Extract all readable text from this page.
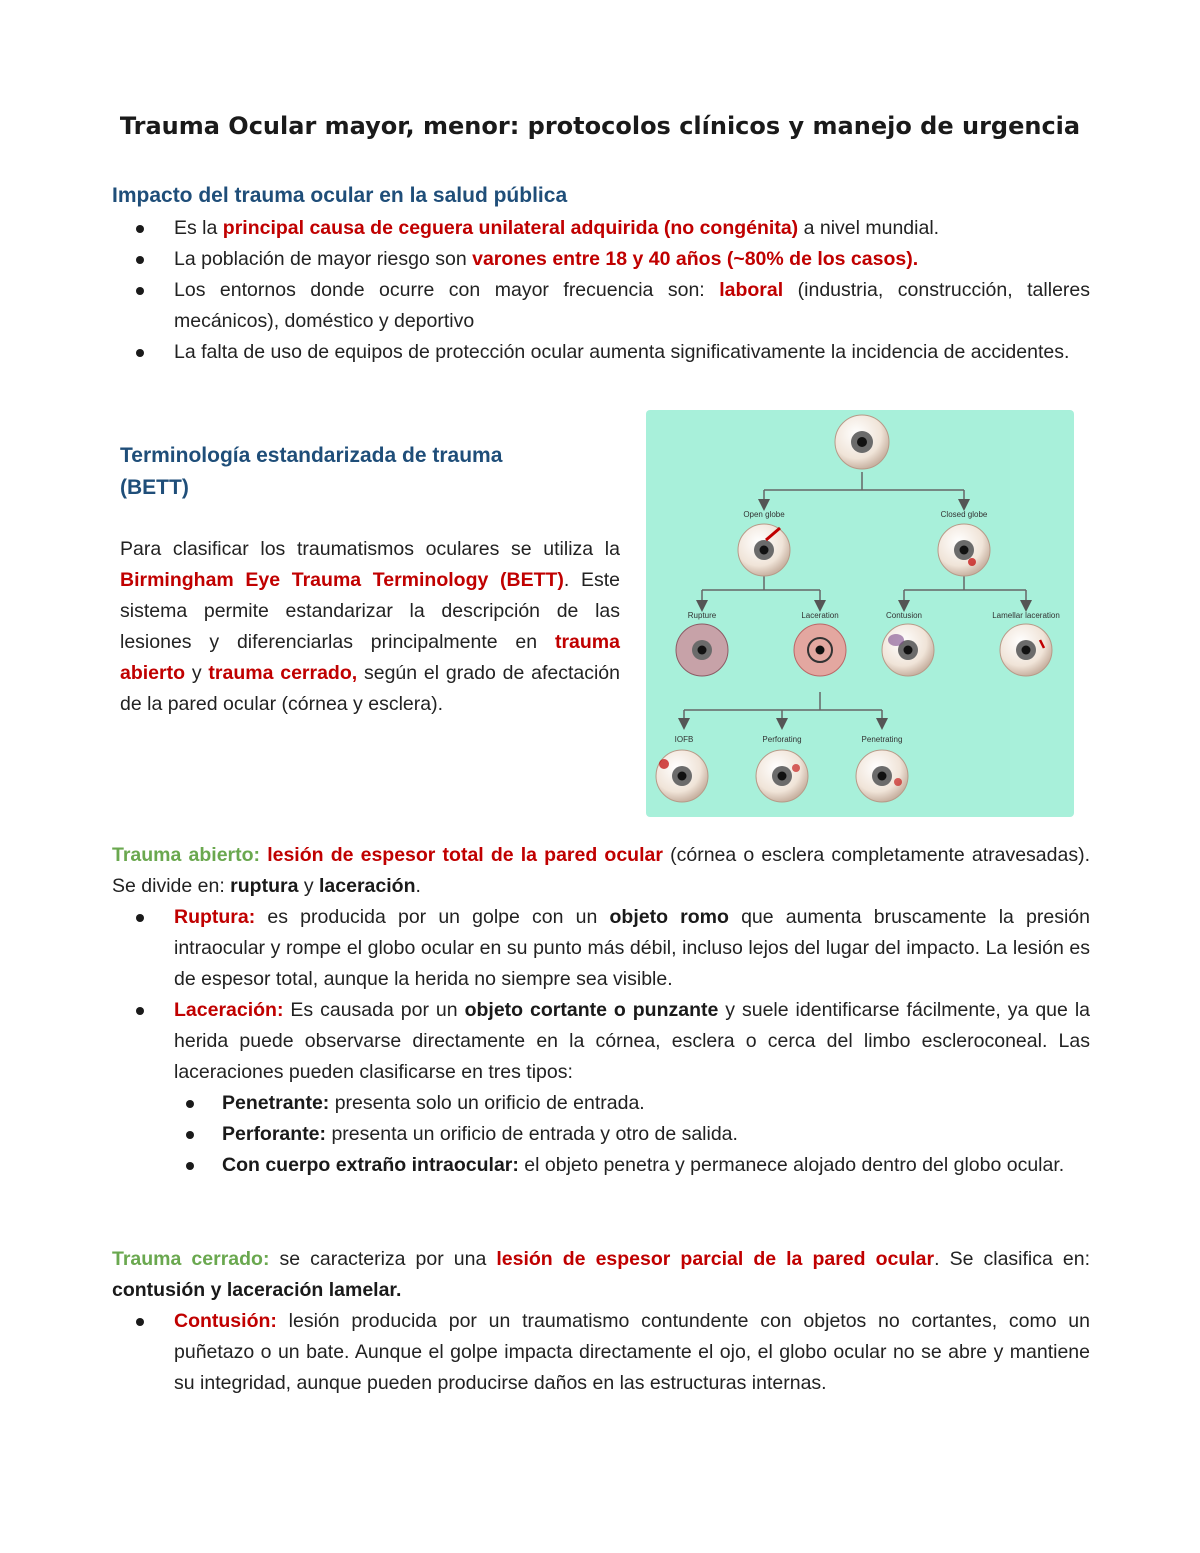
Trauma Ocular mayor, menor: protocolos clínicos y manejo de urgencia
Impacto del trauma ocular en la salud pública
Es la principal causa de ceguera unilateral adquirida (no congénita) a nivel mundial.
La población de mayor riesgo son varones entre 18 y 40 años (~80% de los casos).
Los entornos donde ocurre con mayor frecuencia son: laboral (industria, construcción, talleres mecánicos), doméstico y deportivo
La falta de uso de equipos de protección ocular aumenta significativamente la incidencia de accidentes.
Terminología estandarizada de trauma (BETT)

Para clasificar los traumatismos oculares se utiliza la Birmingham Eye Trauma Terminology (BETT). Este sistema permite estandarizar la descripción de las lesiones y diferenciarlas principalmente en trauma abierto y trauma cerrado, según el grado de afectación de la pared ocular (córnea y esclera).

Open globe	Closed globe
Rupture	Laceration	Contusion	Lamellar laceration
IOFB	Perforating	Penetrating

Trauma abierto: lesión de espesor total de la pared ocular (córnea o esclera completamente atravesadas). Se divide en: ruptura y laceración.

Ruptura: es producida por un golpe con un objeto romo que aumenta bruscamente la presión intraocular y rompe el globo ocular en su punto más débil, incluso lejos del lugar del impacto. La lesión es de espesor total, aunque la herida no siempre sea visible.
Laceración: Es causada por un objeto cortante o punzante y suele identificarse fácilmente, ya que la herida puede observarse directamente en la córnea, esclera o cerca del limbo escleroconeal. Las laceraciones pueden clasificarse en tres tipos:
Penetrante: presenta solo un orificio de entrada.
Perforante: presenta un orificio de entrada y otro de salida.
Con cuerpo extraño intraocular: el objeto penetra y permanece alojado dentro del globo ocular.

Trauma cerrado: se caracteriza por una lesión de espesor parcial de la pared ocular. Se clasifica en: contusión y laceración lamelar.

Contusión: lesión producida por un traumatismo contundente con objetos no cortantes, como un puñetazo o un bate. Aunque el golpe impacta directamente el ojo, el globo ocular no se abre y mantiene su integridad, aunque pueden producirse daños en las estructuras internas.
